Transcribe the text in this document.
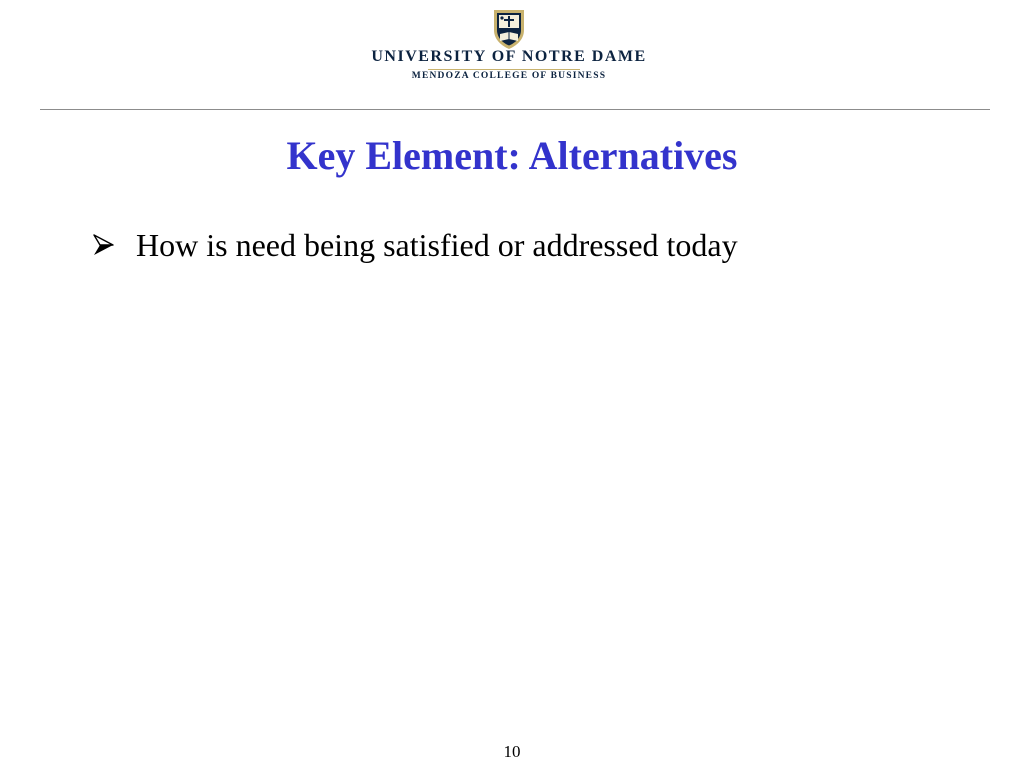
UNIVERSITY OF NOTRE DAME
MENDOZA COLLEGE OF BUSINESS
Key Element: Alternatives
How is need being satisfied or addressed today
10
